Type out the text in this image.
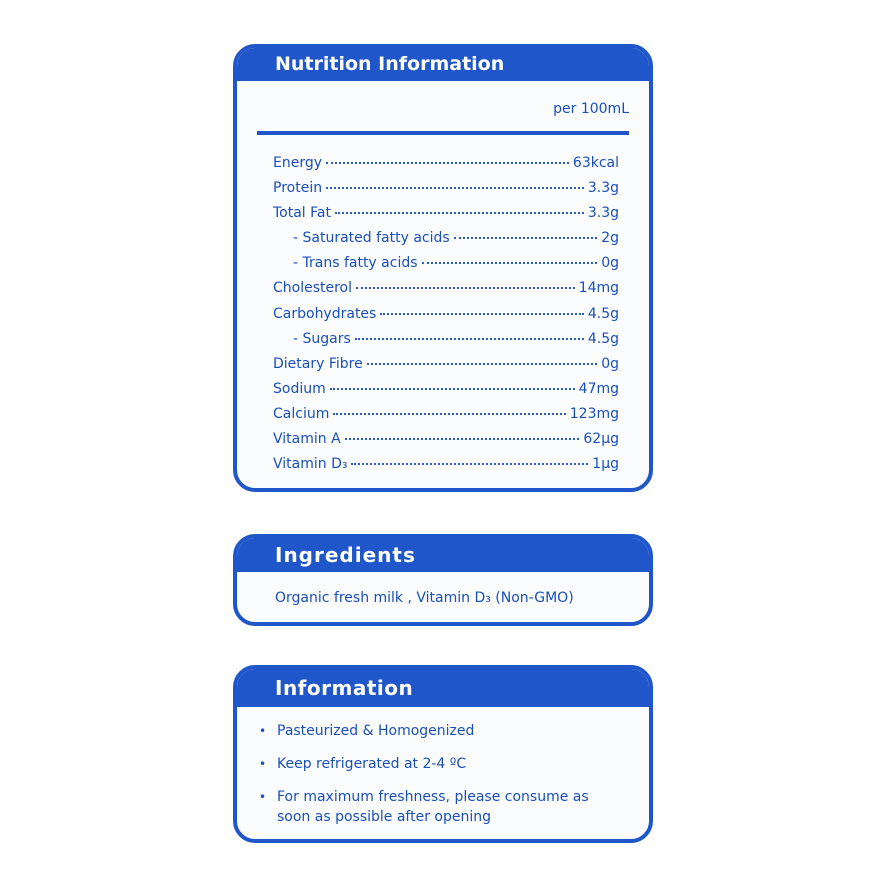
Nutrition Information
per 100mL
Energy	63kcal
Protein	3.3g
Total Fat	3.3g
- Saturated fatty acids	2g
- Trans fatty acids	0g
Cholesterol	14mg
Carbohydrates	4.5g
- Sugars	4.5g
Dietary Fibre	0g
Sodium	47mg
Calcium	123mg
Vitamin A	62µg
Vitamin D₃	1µg
Ingredients
Organic fresh milk , Vitamin D₃ (Non-GMO)
Information
• Pasteurized & Homogenized
• Keep refrigerated at 2-4 ºC
• For maximum freshness, please consume as
soon as possible after opening
